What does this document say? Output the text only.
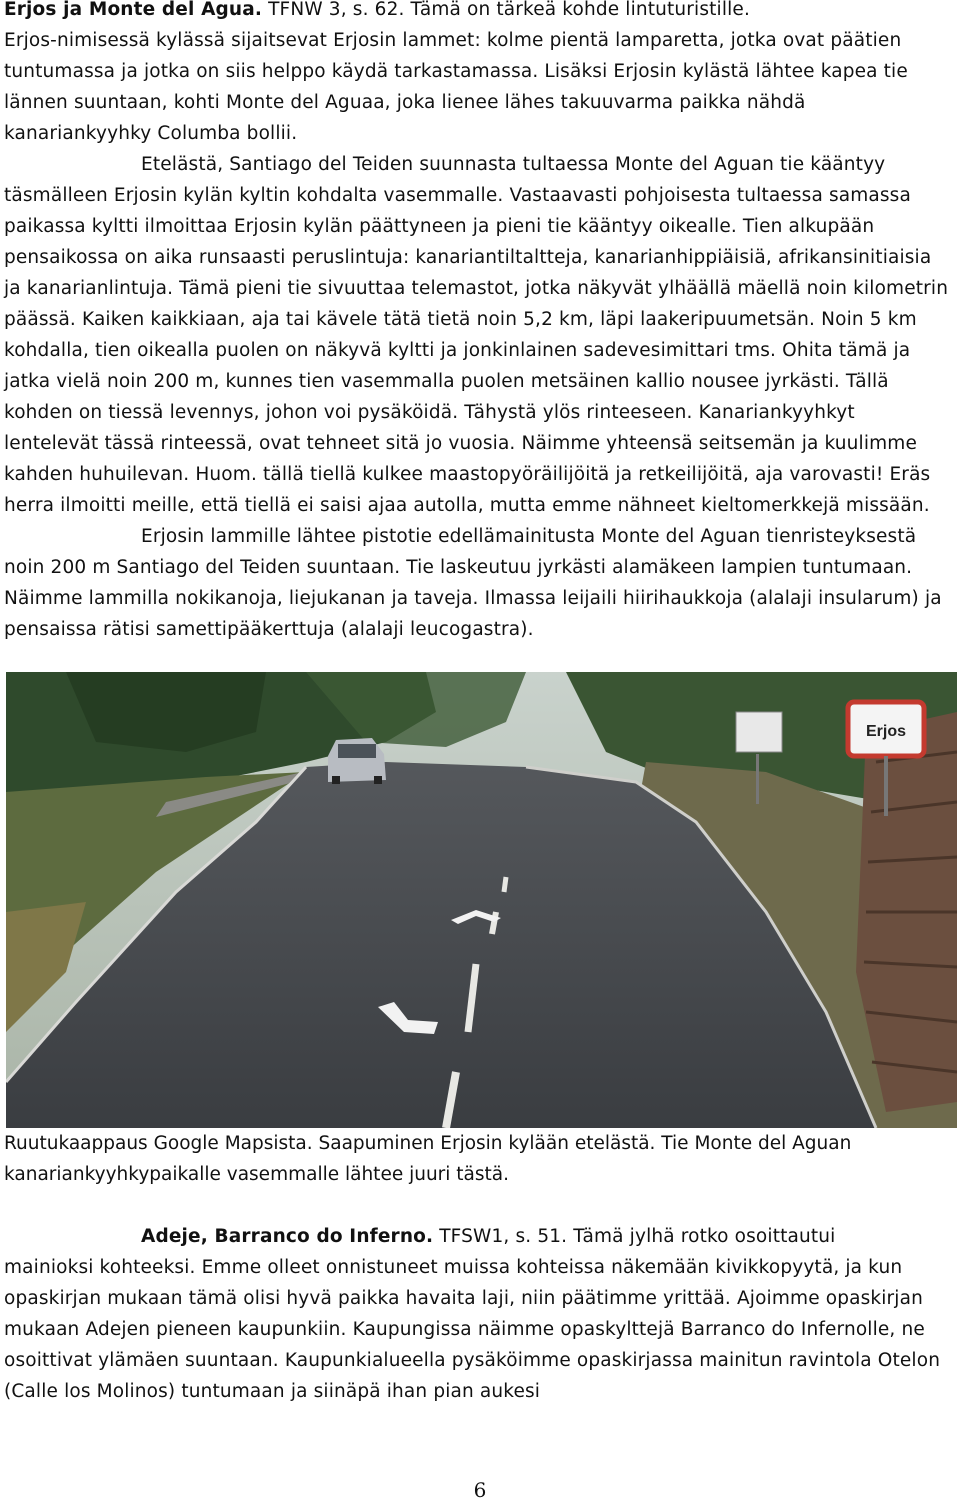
Erjos ja Monte del Agua. TFNW 3, s. 62. Tämä on tärkeä kohde lintuturistille.
Erjos-nimisessä kylässä sijaitsevat Erjosin lammet: kolme pientä lamparetta, jotka ovat päätien tuntumassa ja jotka on siis helppo käydä tarkastamassa. Lisäksi Erjosin kylästä lähtee kapea tie lännen suuntaan, kohti Monte del Aguaa, joka lienee lähes takuuvarma paikka nähdä kanariankyyhky Columba bollii.
Etelästä, Santiago del Teiden suunnasta tultaessa Monte del Aguan tie kääntyy täsmälleen Erjosin kylän kyltin kohdalta vasemmalle. Vastaavasti pohjoisesta tultaessa samassa paikassa kyltti ilmoittaa Erjosin kylän päättyneen ja pieni tie kääntyy oikealle. Tien alkupään pensaikossa on aika runsaasti peruslintuja: kanariantiltaltteja, kanarianhippiäisiä, afrikansinitiaisia ja kanarianlintuja. Tämä pieni tie sivuuttaa telemastot, jotka näkyvät ylhäällä mäellä noin kilometrin päässä. Kaiken kaikkiaan, aja tai kävele tätä tietä noin 5,2 km, läpi laakeripuumetsän. Noin 5 km kohdalla, tien oikealla puolen on näkyvä kyltti ja jonkinlainen sadevesimittari tms. Ohita tämä ja jatka vielä noin 200 m, kunnes tien vasemmalla puolen metsäinen kallio nousee jyrkästi. Tällä kohden on tiessä levennys, johon voi pysäköidä. Tähystä ylös rinteeseen. Kanariankyyhkyt lentelevät tässä rinteessä, ovat tehneet sitä jo vuosia. Näimme yhteensä seitsemän ja kuulimme kahden huhuilevan. Huom. tällä tiellä kulkee maastopyöräilijöitä ja retkeilijöitä, aja varovasti! Eräs herra ilmoitti meille, että tiellä ei saisi ajaa autolla, mutta emme nähneet kieltomerkkejä missään.
Erjosin lammille lähtee pistotie edellämainitusta Monte del Aguan tienristeyksestä noin 200 m Santiago del Teiden suuntaan. Tie laskeutuu jyrkästi alamäkeen lampien tuntumaan. Näimme lammilla nokikanoja, liejukanan ja taveja. Ilmassa leijaili hiirihaukkoja (alalaji insularum) ja pensaissa rätisi samettipääkerttuja (alalaji leucogastra).
Erjos
Ruutukaappaus Google Mapsista. Saapuminen Erjosin kylään etelästä. Tie Monte del Aguan kanariankyyhkypaikalle vasemmalle lähtee juuri tästä.
Adeje, Barranco do Inferno. TFSW1, s. 51. Tämä jylhä rotko osoittautui
mainioksi kohteeksi. Emme olleet onnistuneet muissa kohteissa näkemään kivikkopyytä, ja kun opaskirjan mukaan tämä olisi hyvä paikka havaita laji, niin päätimme yrittää. Ajoimme opaskirjan mukaan Adejen pieneen kaupunkiin. Kaupungissa näimme opaskylttejä Barranco do Infernolle, ne osoittivat ylämäen suuntaan. Kaupunkialueella pysäköimme opaskirjassa mainitun ravintola Otelon (Calle los Molinos) tuntumaan ja siinäpä ihan pian aukesi
6
